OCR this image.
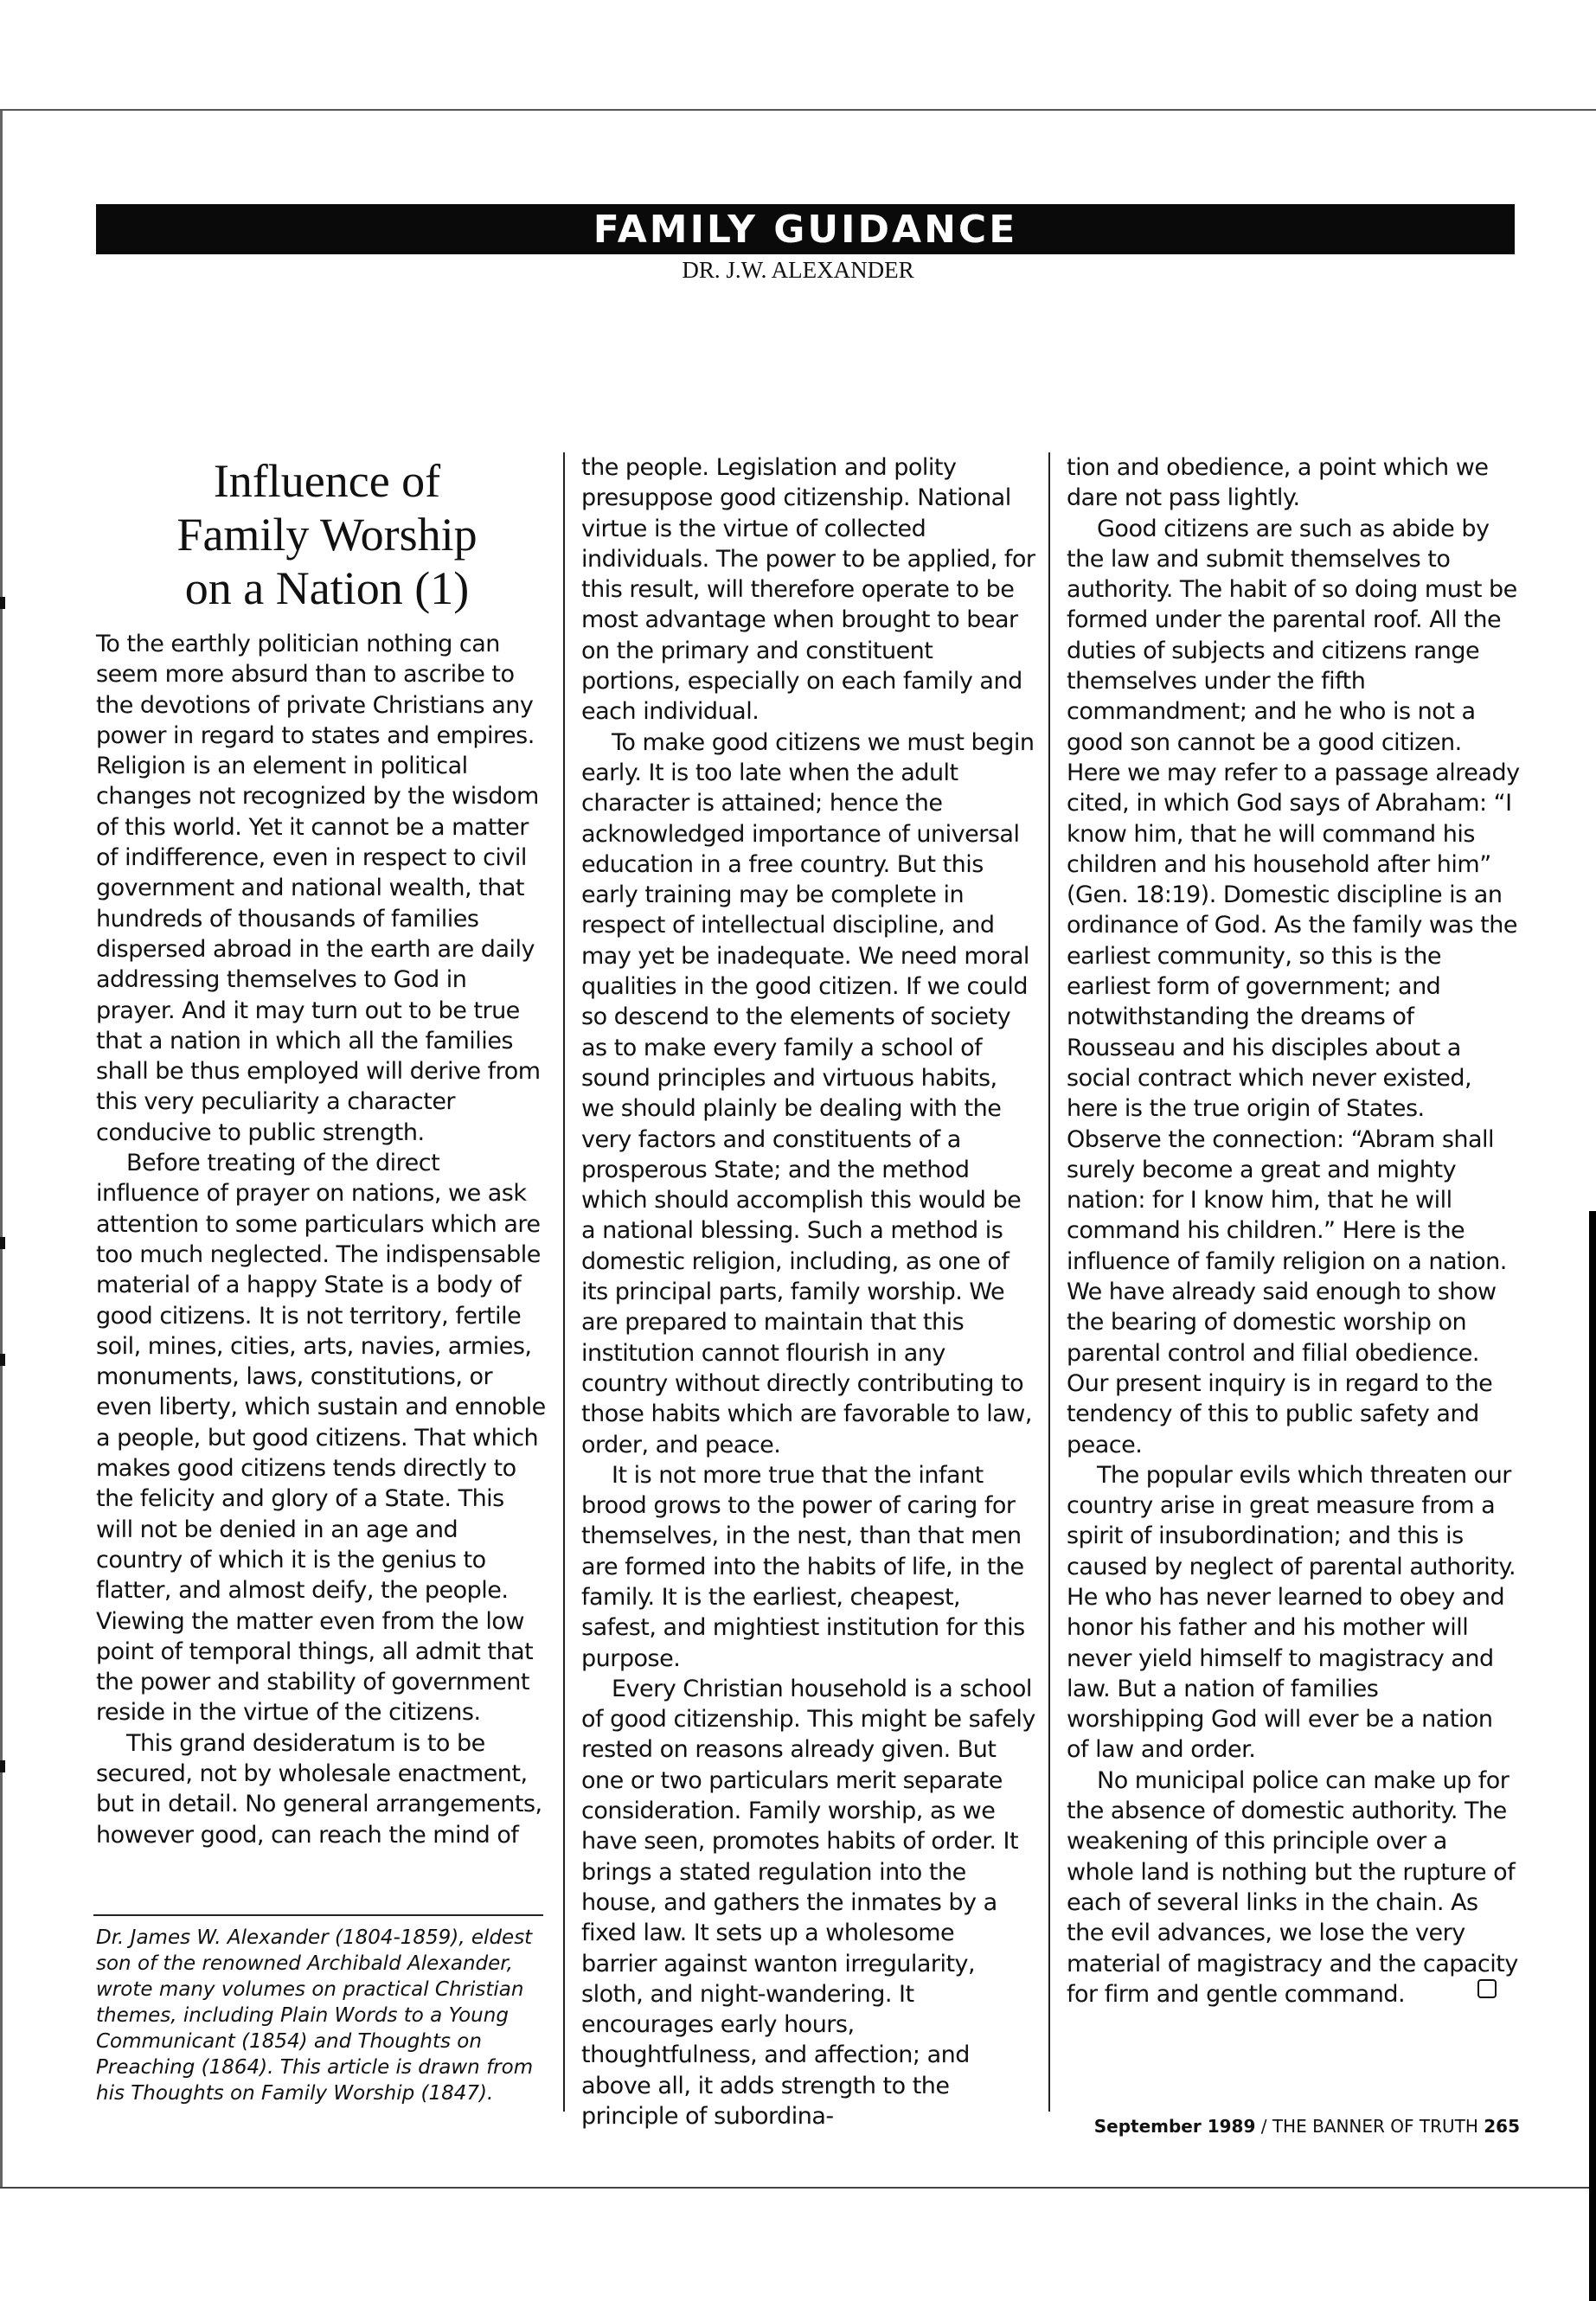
FAMILY GUIDANCE
DR. J.W. ALEXANDER
Influence of
Family Worship
on a Nation (1)

To the earthly politician nothing can seem more absurd than to ascribe to the devotions of private Christians any power in regard to states and empires. Religion is an element in political changes not recognized by the wisdom of this world. Yet it cannot be a matter of indifference, even in respect to civil government and national wealth, that hundreds of thousands of families dispersed abroad in the earth are daily addressing themselves to God in prayer. And it may turn out to be true that a nation in which all the families shall be thus employed will derive from this very peculiarity a character conducive to public strength.

Before treating of the direct influence of prayer on nations, we ask attention to some particulars which are too much neglected. The indispensable material of a happy State is a body of good citizens. It is not territory, fertile soil, mines, cities, arts, navies, armies, monuments, laws, constitutions, or even liberty, which sustain and ennoble a people, but good citizens. That which makes good citizens tends directly to the felicity and glory of a State. This will not be denied in an age and country of which it is the genius to flatter, and almost deify, the people. Viewing the matter even from the low point of temporal things, all admit that the power and stability of government reside in the virtue of the citizens.

This grand desideratum is to be secured, not by wholesale enactment, but in detail. No general arrangements, however good, can reach the mind of

the people. Legislation and polity presuppose good citizenship. National virtue is the virtue of collected individuals. The power to be applied, for this result, will therefore operate to be most advantage when brought to bear on the primary and constituent portions, especially on each family and each individual.

To make good citizens we must begin early. It is too late when the adult character is attained; hence the acknowledged importance of universal education in a free country. But this early training may be complete in respect of intellectual discipline, and may yet be inadequate. We need moral qualities in the good citizen. If we could so descend to the elements of society as to make every family a school of sound principles and virtuous habits, we should plainly be dealing with the very factors and constituents of a prosperous State; and the method which should accomplish this would be a national blessing. Such a method is domestic religion, including, as one of its principal parts, family worship. We are prepared to maintain that this institution cannot flourish in any country without directly contributing to those habits which are favorable to law, order, and peace.

It is not more true that the infant brood grows to the power of caring for themselves, in the nest, than that men are formed into the habits of life, in the family. It is the earliest, cheapest, safest, and mightiest institution for this purpose.

Every Christian household is a school of good citizenship. This might be safely rested on reasons already given. But one or two particulars merit separate consideration. Family worship, as we have seen, promotes habits of order. It brings a stated regulation into the house, and gathers the inmates by a fixed law. It sets up a wholesome barrier against wanton irregularity, sloth, and night-wandering. It encourages early hours, thoughtfulness, and affection; and above all, it adds strength to the principle of subordina-

tion and obedience, a point which we dare not pass lightly.

Good citizens are such as abide by the law and submit themselves to authority. The habit of so doing must be formed under the parental roof. All the duties of subjects and citizens range themselves under the fifth commandment; and he who is not a good son cannot be a good citizen. Here we may refer to a passage already cited, in which God says of Abraham: “I know him, that he will command his children and his household after him” (Gen. 18:19). Domestic discipline is an ordinance of God. As the family was the earliest community, so this is the earliest form of government; and notwithstanding the dreams of Rousseau and his disciples about a social contract which never existed, here is the true origin of States. Observe the connection: “Abram shall surely become a great and mighty nation: for I know him, that he will command his children.” Here is the influence of family religion on a nation. We have already said enough to show the bearing of domestic worship on parental control and filial obedience. Our present inquiry is in regard to the tendency of this to public safety and peace.

The popular evils which threaten our country arise in great measure from a spirit of insubordination; and this is caused by neglect of parental authority. He who has never learned to obey and honor his father and his mother will never yield himself to magistracy and law. But a nation of families worshipping God will ever be a nation of law and order.

No municipal police can make up for the absence of domestic authority. The weakening of this principle over a whole land is nothing but the rupture of each of several links in the chain. As the evil advances, we lose the very material of magistracy and the capacity for firm and gentle command.

Dr. James W. Alexander (1804-1859), eldest son of the renowned Archibald Alexander, wrote many volumes on practical Christian themes, including Plain Words to a Young Communicant (1854) and Thoughts on Preaching (1864). This article is drawn from his Thoughts on Family Worship (1847).
September 1989 / THE BANNER OF TRUTH 265
